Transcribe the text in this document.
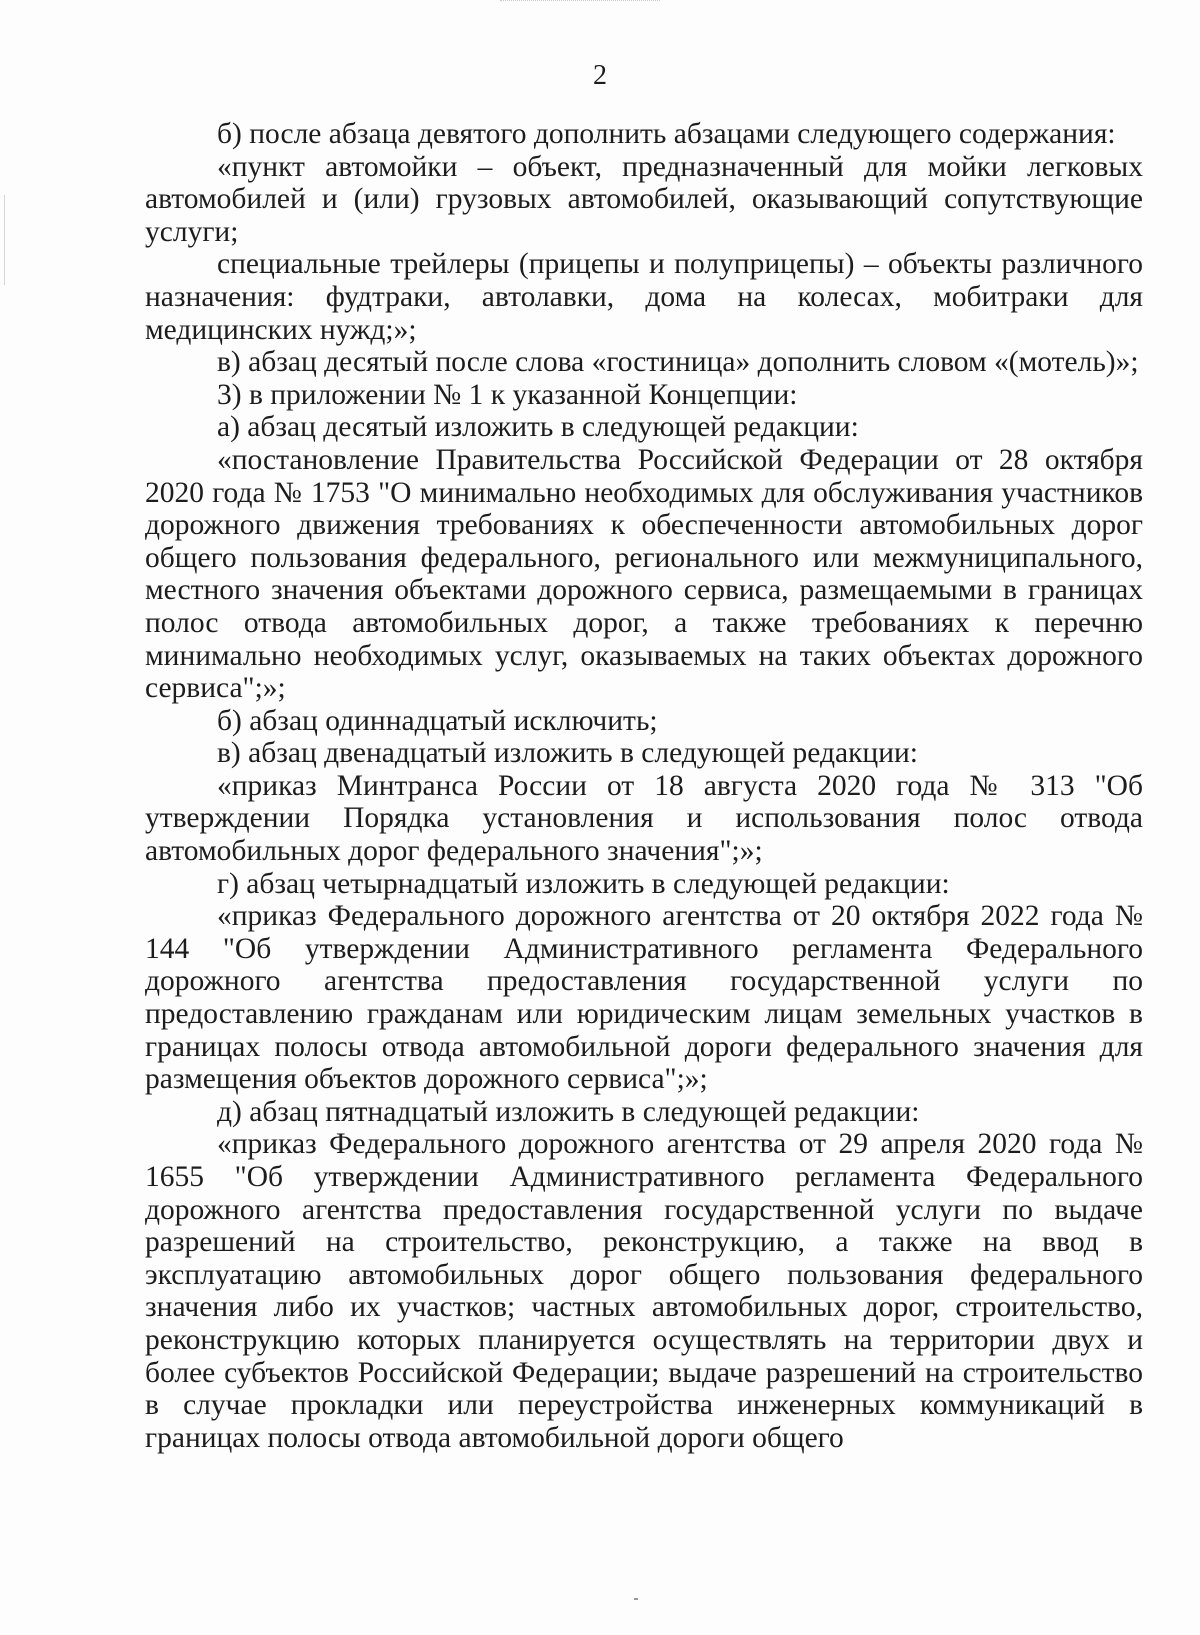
2

б) после абзаца девятого дополнить абзацами следующего содержания:

«пункт автомойки – объект, предназначенный для мойки легковых автомобилей и (или) грузовых автомобилей, оказывающий сопутствующие услуги;

специальные трейлеры (прицепы и полуприцепы) – объекты различного назначения: фудтраки, автолавки, дома на колесах, мобитраки для медицинских нужд;»;

в) абзац десятый после слова «гостиница» дополнить словом «(мотель)»;

3) в приложении № 1 к указанной Концепции:

а) абзац десятый изложить в следующей редакции:

«постановление Правительства Российской Федерации от 28 октября 2020 года № 1753 "О минимально необходимых для обслуживания участников дорожного движения требованиях к обеспеченности автомобильных дорог общего пользования федерального, регионального или межмуниципального, местного значения объектами дорожного сервиса, размещаемыми в границах полос отвода автомобильных дорог, а также требованиях к перечню минимально необходимых услуг, оказываемых на таких объектах дорожного сервиса";»;

б) абзац одиннадцатый исключить;

в) абзац двенадцатый изложить в следующей редакции:

«приказ Минтранса России от 18 августа 2020 года № 313 "Об утверждении Порядка установления и использования полос отвода автомобильных дорог федерального значения";»;

г) абзац четырнадцатый изложить в следующей редакции:

«приказ Федерального дорожного агентства от 20 октября 2022 года № 144 "Об утверждении Административного регламента Федерального дорожного агентства предоставления государственной услуги по предоставлению гражданам или юридическим лицам земельных участков в границах полосы отвода автомобильной дороги федерального значения для размещения объектов дорожного сервиса";»;

д) абзац пятнадцатый изложить в следующей редакции:

«приказ Федерального дорожного агентства от 29 апреля 2020 года № 1655 "Об утверждении Административного регламента Федерального дорожного агентства предоставления государственной услуги по выдаче разрешений на строительство, реконструкцию, а также на ввод в эксплуатацию автомобильных дорог общего пользования федерального значения либо их участков; частных автомобильных дорог, строительство, реконструкцию которых планируется осуществлять на территории двух и более субъектов Российской Федерации; выдаче разрешений на строительство в случае прокладки или переустройства инженерных коммуникаций в границах полосы отвода автомобильной дороги общего
